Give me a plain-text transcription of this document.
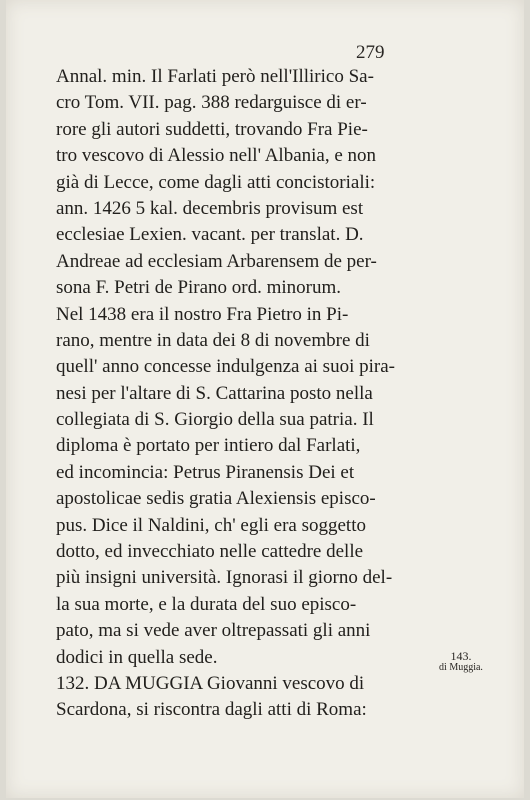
279
Annal. min. Il Farlati però nell'Illirico Sa-
cro Tom. VII. pag. 388 redarguisce di er-
rore gli autori suddetti, trovando Fra Pie-
tro vescovo di Alessio nell' Albania, e non
già di Lecce, come dagli atti concistoriali:
ann. 1426 5 kal. decembris provisum est
ecclesiae Lexien. vacant. per translat. D.
Andreae ad ecclesiam Arbarensem de per-
sona F. Petri de Pirano ord. minorum.
Nel 1438 era il nostro Fra Pietro in Pi-
rano, mentre in data dei 8 di novembre di
quell' anno concesse indulgenza ai suoi pira-
nesi per l'altare di S. Cattarina posto nella
collegiata di S. Giorgio della sua patria. Il
diploma è portato per intiero dal Farlati,
ed incomincia: Petrus Piranensis Dei et
apostolicae sedis gratia Alexiensis episco-
pus. Dice il Naldini, ch' egli era soggetto
dotto, ed invecchiato nelle cattedre delle
più insigni università. Ignorasi il giorno del-
la sua morte, e la durata del suo episco-
pato, ma si vede aver oltrepassati gli anni
dodici in quella sede.
132. DA MUGGIA Giovanni vescovo di
Scardona, si riscontra dagli atti di Roma:
143.
di Muggia.
